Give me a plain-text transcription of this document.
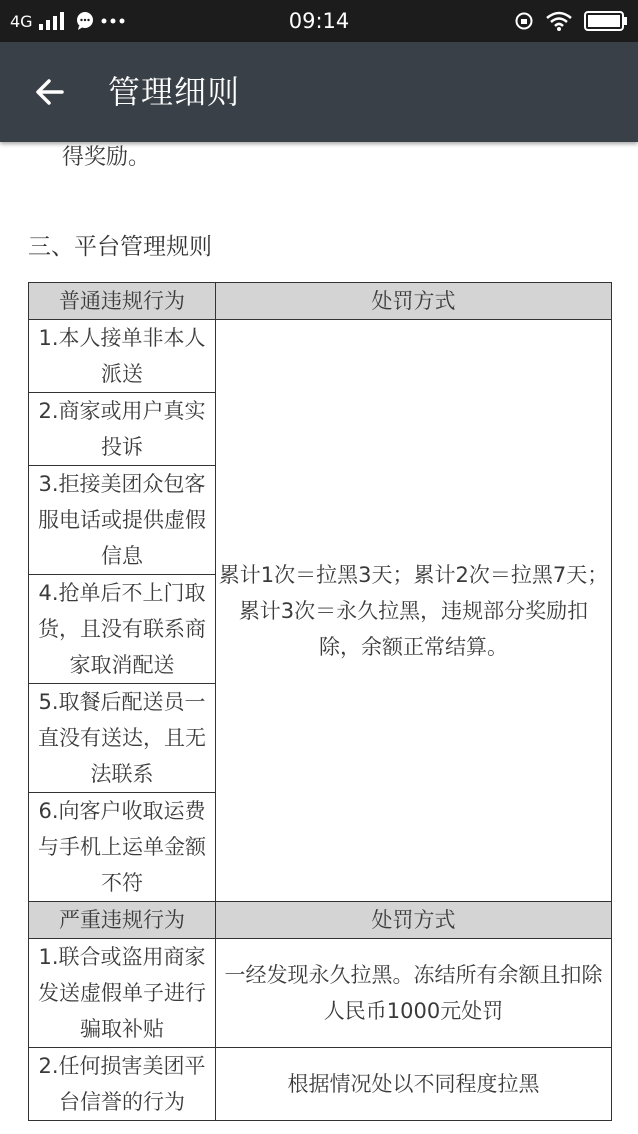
4G	09:14
管理细则
得奖励。
三、平台管理规则
普通违规行为	处罚方式
1.本人接单非本人派送	累计1次＝拉黑3天；累计2次＝拉黑7天；累计3次＝永久拉黑，违规部分奖励扣除，余额正常结算。
2.商家或用户真实投诉	
3.拒接美团众包客服电话或提供虚假信息	
4.抢单后不上门取货，且没有联系商家取消配送	
5.取餐后配送员一直没有送达，且无法联系	
6.向客户收取运费与手机上运单金额不符	
严重违规行为	处罚方式
1.联合或盗用商家发送虚假单子进行骗取补贴	一经发现永久拉黑。冻结所有余额且扣除人民币1000元处罚
2.任何损害美团平台信誉的行为	根据情况处以不同程度拉黑
